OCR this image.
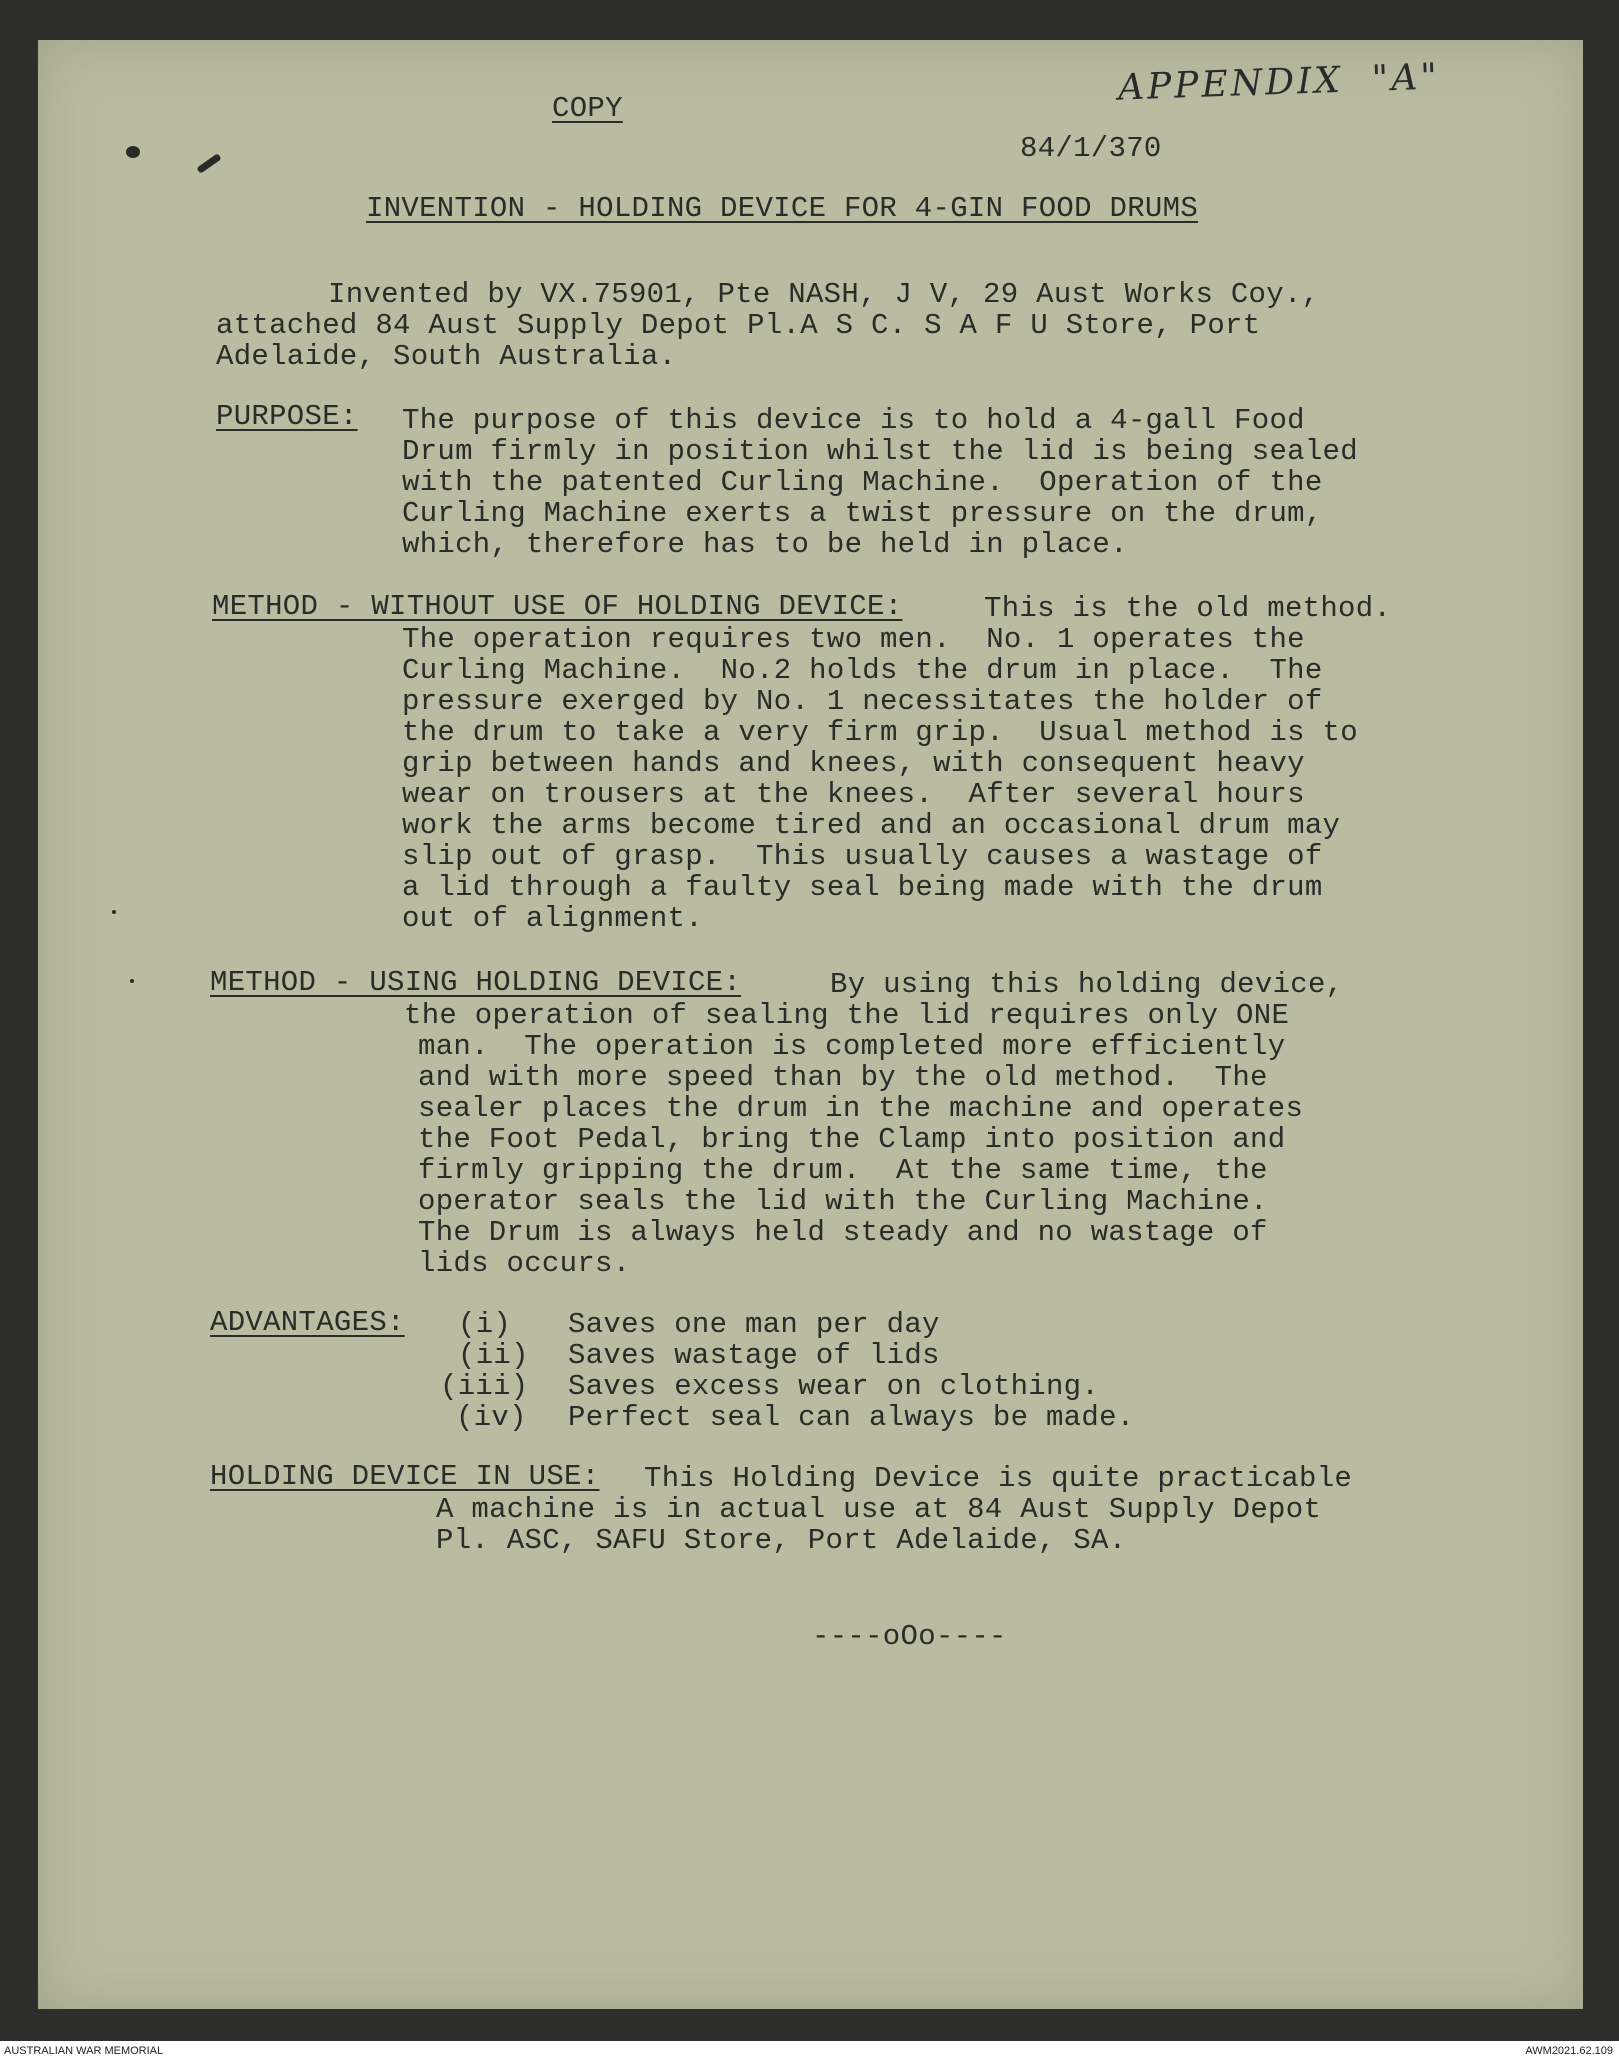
COPY	APPENDIX  "A"
84/1/370
INVENTION - HOLDING DEVICE FOR 4-GIN FOOD DRUMS
Invented by VX.75901, Pte NASH, J V, 29 Aust Works Coy.,
attached 84 Aust Supply Depot Pl.A S C. S A F U Store, Port
Adelaide, South Australia.
PURPOSE: The purpose of this device is to hold a 4-gall Food
Drum firmly in position whilst the lid is being sealed
with the patented Curling Machine.  Operation of the
Curling Machine exerts a twist pressure on the drum,
which, therefore has to be held in place.
METHOD - WITHOUT USE OF HOLDING DEVICE:	This is the old method.
The operation requires two men.  No. 1 operates the
Curling Machine.  No.2 holds the drum in place.  The
pressure exerged by No. 1 necessitates the holder of
the drum to take a very firm grip.  Usual method is to
grip between hands and knees, with consequent heavy
wear on trousers at the knees.  After several hours
work the arms become tired and an occasional drum may
slip out of grasp.  This usually causes a wastage of
a lid through a faulty seal being made with the drum
out of alignment.
METHOD - USING HOLDING DEVICE:	By using this holding device,
the operation of sealing the lid requires only ONE
man.  The operation is completed more efficiently
and with more speed than by the old method.  The
sealer places the drum in the machine and operates
the Foot Pedal, bring the Clamp into position and
firmly gripping the drum.  At the same time, the
operator seals the lid with the Curling Machine.
The Drum is always held steady and no wastage of
lids occurs.
ADVANTAGES: (i) Saves one man per day
(ii) Saves wastage of lids
(iii) Saves excess wear on clothing.
(iv) Perfect seal can always be made.
HOLDING DEVICE IN USE: This Holding Device is quite practicable
A machine is in actual use at 84 Aust Supply Depot
Pl. ASC, SAFU Store, Port Adelaide, SA.
----oOo----
AUSTRALIAN WAR MEMORIAL	AWM2021.62.109
